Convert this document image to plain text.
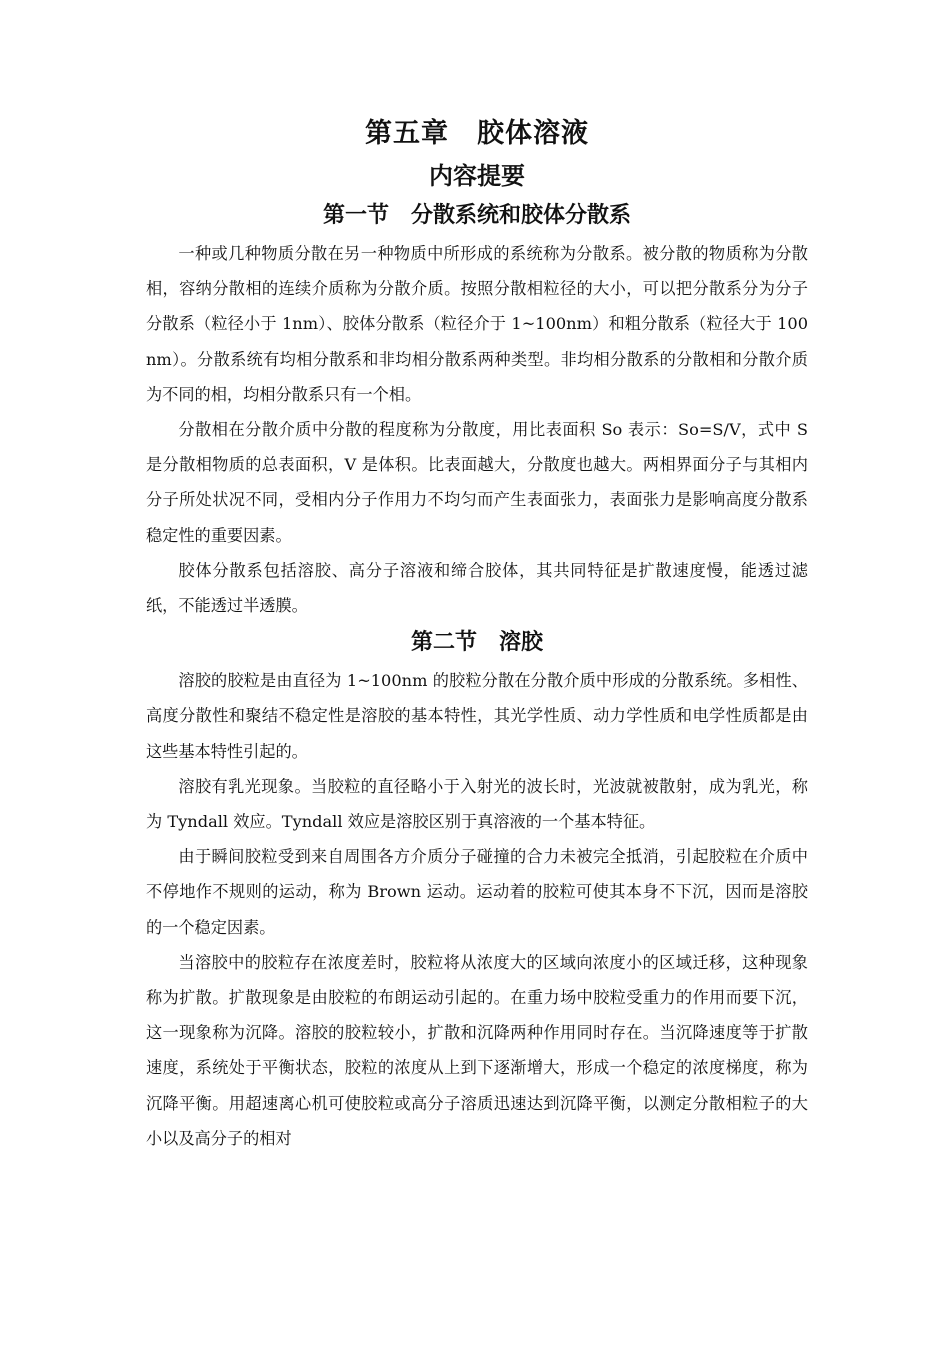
第五章　胶体溶液
内容提要
第一节　分散系统和胶体分散系

一种或几种物质分散在另一种物质中所形成的系统称为分散系。被分散的物质称为分散相，容纳分散相的连续介质称为分散介质。按照分散相粒径的大小，可以把分散系分为分子分散系（粒径小于 1nm）、胶体分散系（粒径介于 1~100nm）和粗分散系（粒径大于 100nm）。分散系统有均相分散系和非均相分散系两种类型。非均相分散系的分散相和分散介质为不同的相，均相分散系只有一个相。

分散相在分散介质中分散的程度称为分散度，用比表面积 So 表示：So=S/V，式中 S 是分散相物质的总表面积，V 是体积。比表面越大，分散度也越大。两相界面分子与其相内分子所处状况不同，受相内分子作用力不均匀而产生表面张力，表面张力是影响高度分散系稳定性的重要因素。

胶体分散系包括溶胶、高分子溶液和缔合胶体，其共同特征是扩散速度慢，能透过滤纸，不能透过半透膜。

第二节　溶胶

溶胶的胶粒是由直径为 1~100nm 的胶粒分散在分散介质中形成的分散系统。多相性、高度分散性和聚结不稳定性是溶胶的基本特性，其光学性质、动力学性质和电学性质都是由这些基本特性引起的。

溶胶有乳光现象。当胶粒的直径略小于入射光的波长时，光波就被散射，成为乳光，称为 Tyndall 效应。Tyndall 效应是溶胶区别于真溶液的一个基本特征。

由于瞬间胶粒受到来自周围各方介质分子碰撞的合力未被完全抵消，引起胶粒在介质中不停地作不规则的运动，称为 Brown 运动。运动着的胶粒可使其本身不下沉，因而是溶胶的一个稳定因素。

当溶胶中的胶粒存在浓度差时，胶粒将从浓度大的区域向浓度小的区域迁移，这种现象称为扩散。扩散现象是由胶粒的布朗运动引起的。在重力场中胶粒受重力的作用而要下沉，这一现象称为沉降。溶胶的胶粒较小，扩散和沉降两种作用同时存在。当沉降速度等于扩散速度，系统处于平衡状态，胶粒的浓度从上到下逐渐增大，形成一个稳定的浓度梯度，称为沉降平衡。用超速离心机可使胶粒或高分子溶质迅速达到沉降平衡，以测定分散相粒子的大小以及高分子的相对
